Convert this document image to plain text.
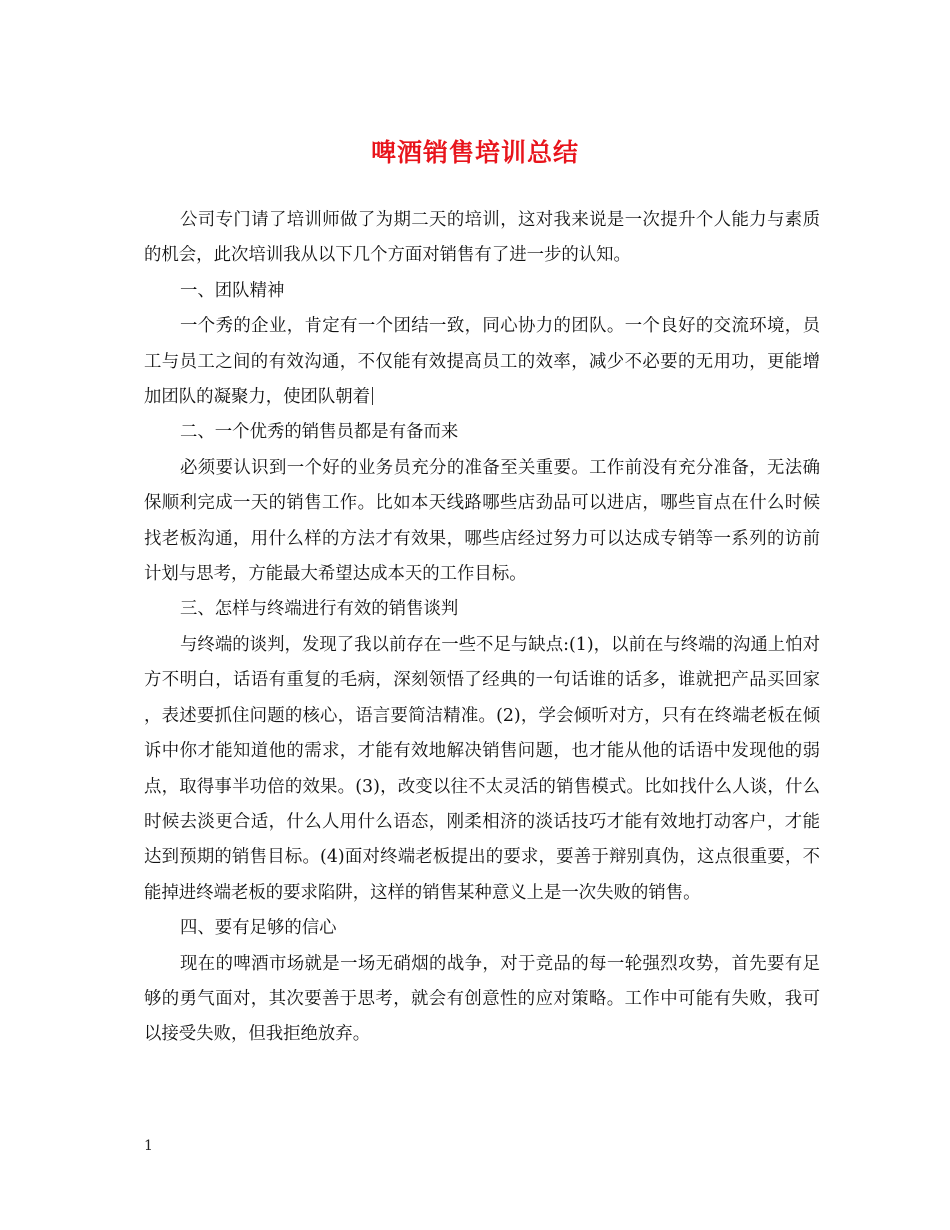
啤酒销售培训总结

公司专门请了培训师做了为期二天的培训，这对我来说是一次提升个人能力与素质的机会，此次培训我从以下几个方面对销售有了进一步的认知。

一、团队精神

一个秀的企业，肯定有一个团结一致，同心协力的团队。一个良好的交流环境，员工与员工之间的有效沟通，不仅能有效提高员工的效率，减少不必要的无用功，更能增加团队的凝聚力，使团队朝着

二、一个优秀的销售员都是有备而来

必须要认识到一个好的业务员充分的准备至关重要。工作前没有充分准备，无法确保顺利完成一天的销售工作。比如本天线路哪些店劲品可以进店，哪些盲点在什么时候找老板沟通，用什么样的方法才有效果，哪些店经过努力可以达成专销等一系列的访前计划与思考，方能最大希望达成本天的工作目标。

三、怎样与终端进行有效的销售谈判

与终端的谈判，发现了我以前存在一些不足与缺点:(1)，以前在与终端的沟通上怕对方不明白，话语有重复的毛病，深刻领悟了经典的一句话谁的话多，谁就把产品买回家，表述要抓住问题的核心，语言要简洁精准。(2)，学会倾听对方，只有在终端老板在倾诉中你才能知道他的需求，才能有效地解决销售问题，也才能从他的话语中发现他的弱点，取得事半功倍的效果。(3)，改变以往不太灵活的销售模式。比如找什么人谈，什么时候去淡更合适，什么人用什么语态，刚柔相济的淡话技巧才能有效地打动客户，才能达到预期的销售目标。(4)面对终端老板提出的要求，要善于辩别真伪，这点很重要，不能掉进终端老板的要求陷阱，这样的销售某种意义上是一次失败的销售。

四、要有足够的信心

现在的啤酒市场就是一场无硝烟的战争，对于竞品的每一轮强烈攻势，首先要有足够的勇气面对，其次要善于思考，就会有创意性的应对策略。工作中可能有失败，我可以接受失败，但我拒绝放弃。

1
